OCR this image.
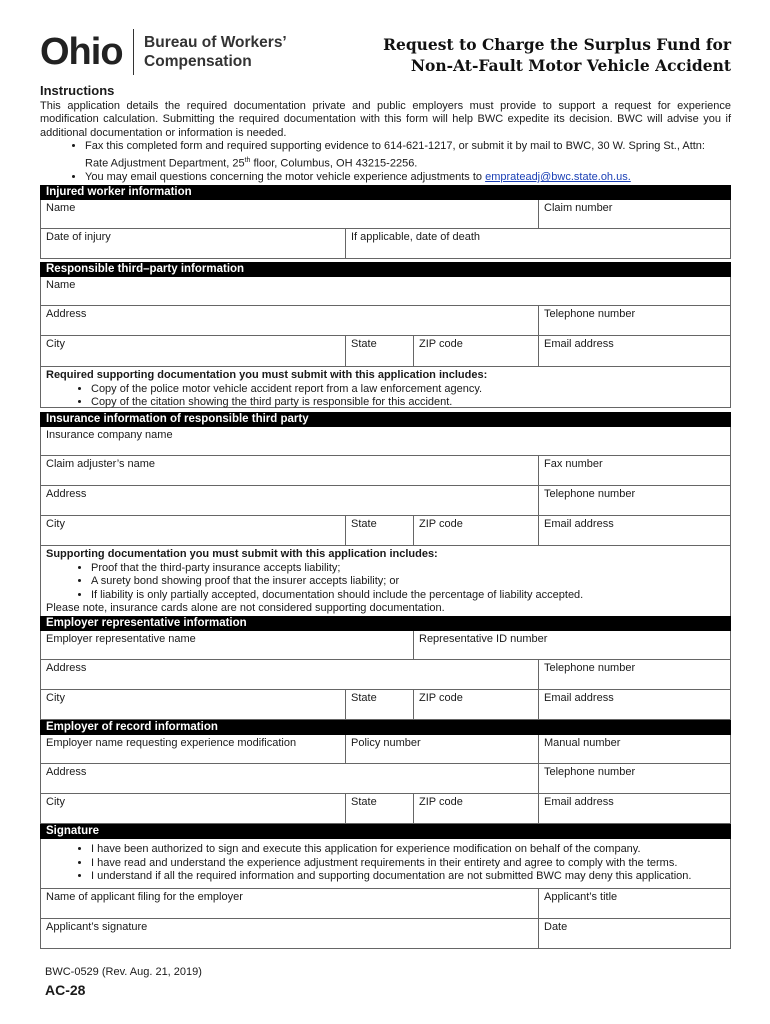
Ohio Bureau of Workers’
Compensation
Request to Charge the Surplus Fund for
Non-At-Fault Motor Vehicle Accident
Instructions

This application details the required documentation private and public employers must provide to support a request for experience modification calculation. Submitting the required documentation with this form will help BWC expedite its decision. BWC will advise you if additional documentation or information is needed.

• Fax this completed form and required supporting evidence to 614-621-1217, or submit it by mail to BWC, 30 W. Spring St., Attn: Rate Adjustment Department, 25th floor, Columbus, OH 43215-2256.
• You may email questions concerning the motor vehicle experience adjustments to emprateadj@bwc.state.oh.us.
Injured worker information
Name	Claim number
Date of injury	If applicable, date of death
Responsible third–party information
Name
Address	Telephone number
City	State	ZIP code	Email address
Required supporting documentation you must submit with this application includes:
• Copy of the police motor vehicle accident report from a law enforcement agency.
• Copy of the citation showing the third party is responsible for this accident.
Insurance information of responsible third party
Insurance company name
Claim adjuster’s name	Fax number
Address	Telephone number
City	State	ZIP code	Email address
Supporting documentation you must submit with this application includes:
• Proof that the third-party insurance accepts liability;
• A surety bond showing proof that the insurer accepts liability; or
• If liability is only partially accepted, documentation should include the percentage of liability accepted.
Please note, insurance cards alone are not considered supporting documentation.
Employer representative information
Employer representative name	Representative ID number
Address	Telephone number
City	State	ZIP code	Email address
Employer of record information
Employer name requesting experience modification	Policy number	Manual number
Address	Telephone number
City	State	ZIP code	Email address
Signature
• I have been authorized to sign and execute this application for experience modification on behalf of the company.
• I have read and understand the experience adjustment requirements in their entirety and agree to comply with the terms.
• I understand if all the required information and supporting documentation are not submitted BWC may deny this application.
Name of applicant filing for the employer	Applicant’s title
Applicant’s signature	Date
BWC-0529 (Rev. Aug. 21, 2019)
AC-28
